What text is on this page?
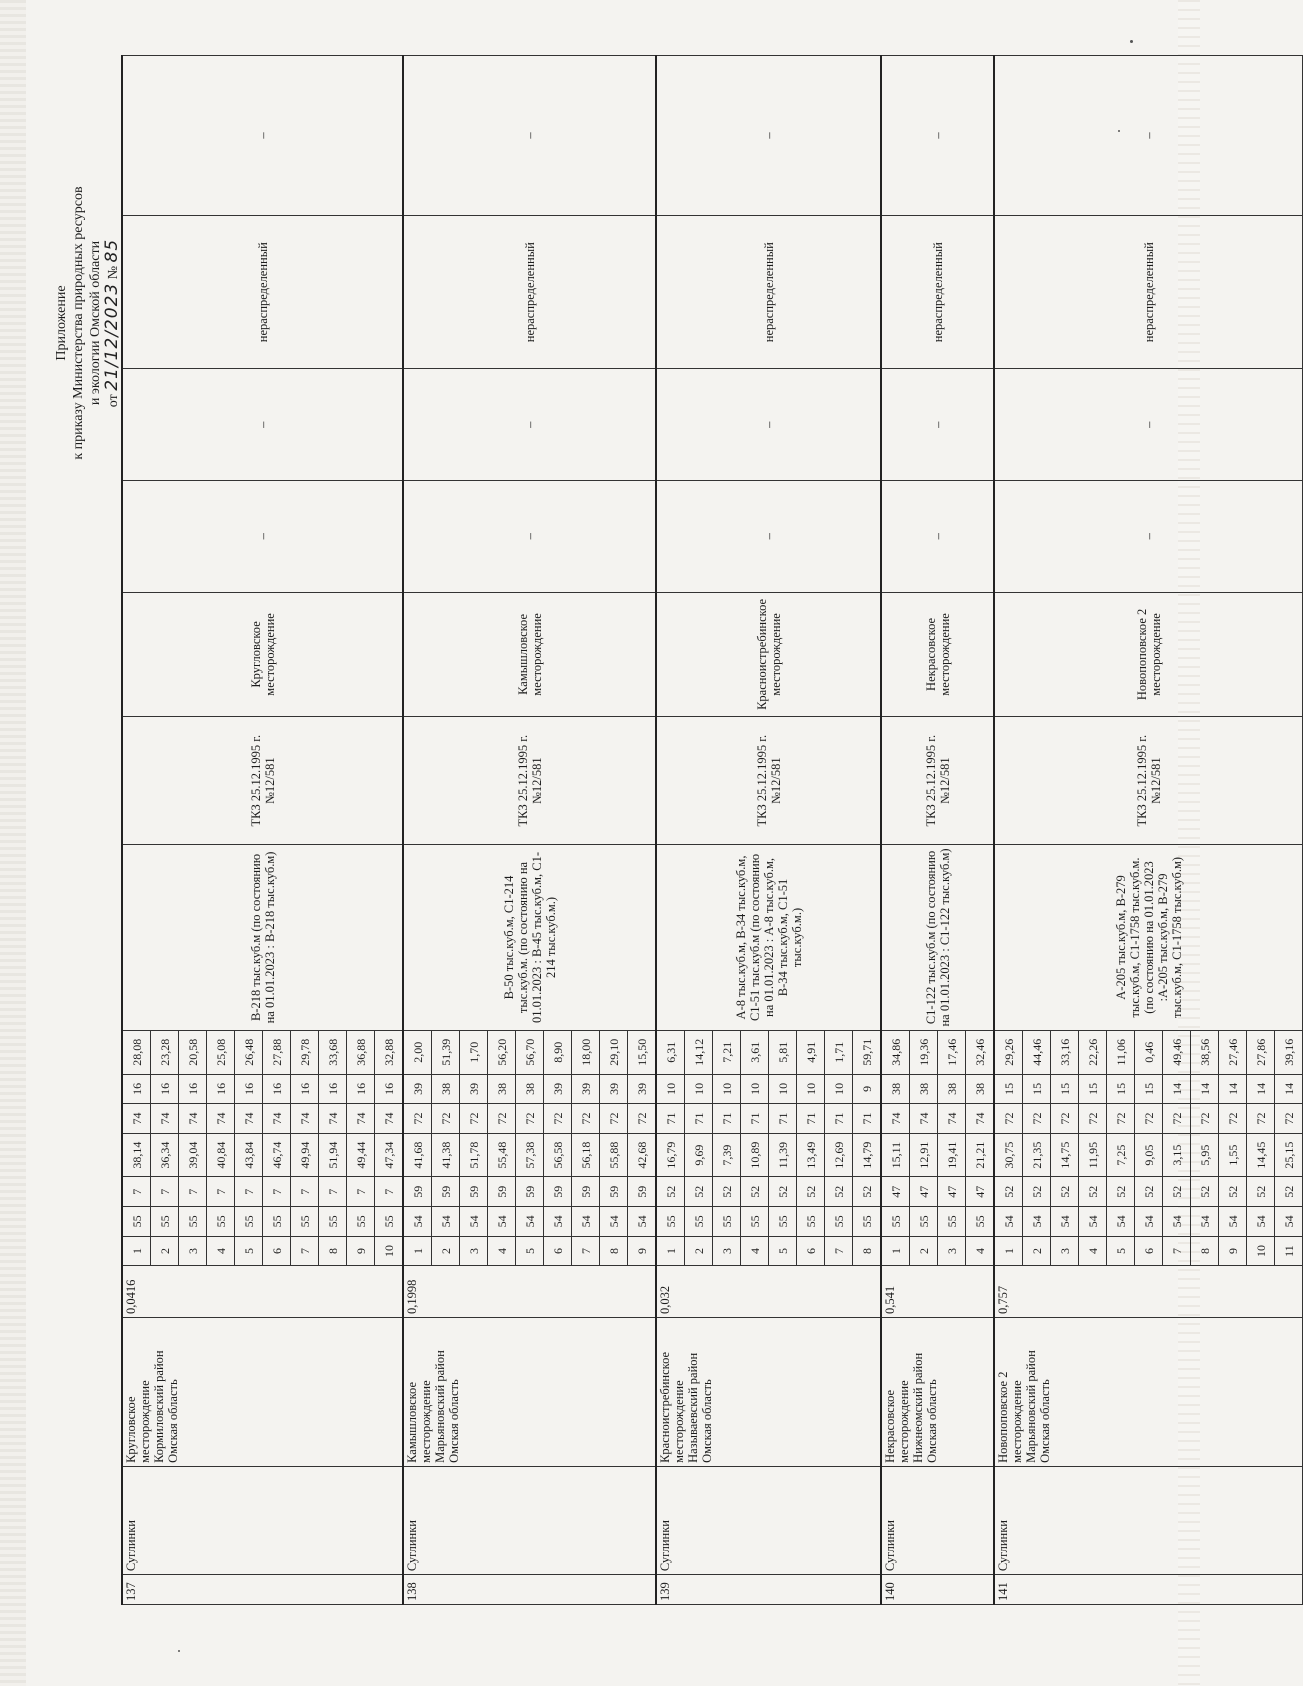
Приложение к приказу Министерства природных ресурсов и экологии Омской области от 21/12/2023 № 85
137	Суглинки	Кругловское месторождение Кормиловский район Омская область	0,0416	1	55	7	38,14	74	16	28,08	В-218 тыс.куб.м (по состоянию на 01.01.2023 : В-218 тыс.куб.м)	ТКЗ 25.12.1995 г. №12/581	Кругловское месторождение	–	–	нераспределенный	–
				2	55	7	36,34	74	16	23,28							
				3	55	7	39,04	74	16	20,58							
				4	55	7	40,84	74	16	25,08							
				5	55	7	43,84	74	16	26,48							
				6	55	7	46,74	74	16	27,88							
				7	55	7	49,94	74	16	29,78							
				8	55	7	51,94	74	16	33,68							
				9	55	7	49,44	74	16	36,88							
				10	55	7	47,34	74	16	32,88							
138	Суглинки	Камышловское месторождение Марьяновский район Омская область	0,1998	1	54	59	41,68	72	39	2,00	В-50 тыс.куб.м, С1-214 тыс.куб.м. (по состоянию на 01.01.2023 : В-45 тыс.куб.м, С1-214 тыс.куб.м.)	ТКЗ 25.12.1995 г. №12/581	Камышловское месторождение	–	–	нераспределенный	–
				2	54	59	41,38	72	38	51,39							
				3	54	59	51,78	72	39	1,70							
				4	54	59	55,48	72	38	56,20							
				5	54	59	57,38	72	38	56,70							
				6	54	59	56,58	72	39	8,90							
				7	54	59	56,18	72	39	18,00							
				8	54	59	55,88	72	39	29,10							
				9	54	59	42,68	72	39	15,50							
139	Суглинки	Красноистребинское месторождение Называевский район Омская область	0,032	1	55	52	16,79	71	10	6,31	А-8 тыс.куб.м, В-34 тыс.куб.м, С1-51 тыс.куб.м (по состоянию на 01.01.2023 : А-8 тыс.куб.м, В-34 тыс.куб.м, С1-51 тыс.куб.м.)	ТКЗ 25.12.1995 г. №12/581	Красноистребинское месторождение	–	–	нераспределенный	–
				2	55	52	9,69	71	10	14,12							
				3	55	52	7,39	71	10	7,21							
				4	55	52	10,89	71	10	3,61							
				5	55	52	11,39	71	10	5,81							
				6	55	52	13,49	71	10	4,91							
				7	55	52	12,69	71	10	1,71							
				8	55	52	14,79	71	9	59,71							
140	Суглинки	Некрасовское месторождение Нижнеомский район Омская область	0,541	1	55	47	15,11	74	38	34,86	С1-122 тыс.куб.м (по состоянию на 01.01.2023 : С1-122 тыс.куб.м)	ТКЗ 25.12.1995 г. №12/581	Некрасовское месторождение	–	–	нераспределенный	–
				2	55	47	12,91	74	38	19,36							
				3	55	47	19,41	74	38	17,46							
				4	55	47	21,21	74	38	32,46							
141	Суглинки	Новопоповское 2 месторождение Марьяновский район Омская область	0,757	1	54	52	30,75	72	15	29,26	А-205 тыс.куб.м, В-279 тыс.куб.м, С1-1758 тыс.куб.м. (по состоянию на 01.01.2023 :А-205 тыс.куб.м, В-279 тыс.куб.м, С1-1758 тыс.куб.м)	ТКЗ 25.12.1995 г. №12/581	Новопоповское 2 месторождение	–	–	нераспределенный	–
				2	54	52	21,35	72	15	44,46							
				3	54	52	14,75	72	15	33,16							
				4	54	52	11,95	72	15	22,26							
				5	54	52	7,25	72	15	11,06							
				6	54	52	9,05	72	15	0,46							
				7	54	52	3,15	72	14	49,46							
				8	54	52	5,95	72	14	38,56							
				9	54	52	1,55	72	14	27,46							
				10	54	52	14,45	72	14	27,86							
				11	54	52	25,15	72	14	39,16							
